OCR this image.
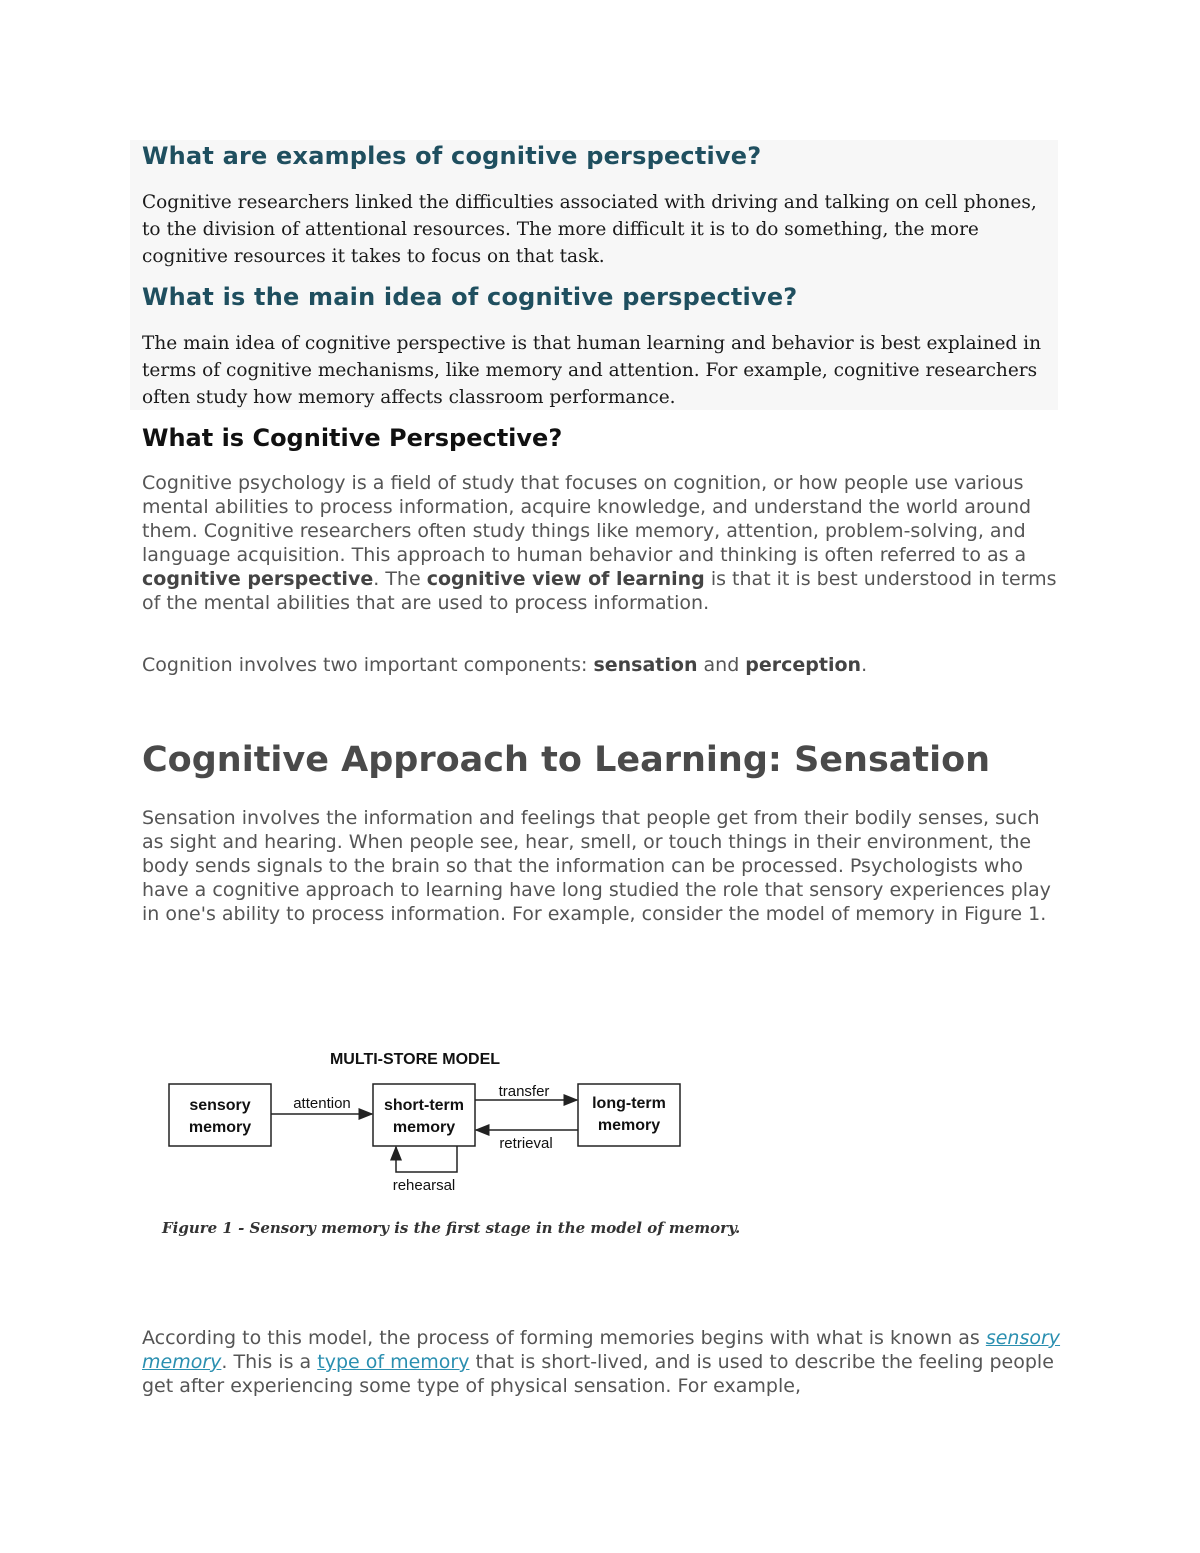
What are examples of cognitive perspective?

Cognitive researchers linked the difficulties associated with driving and talking on cell phones, to the division of attentional resources. The more difficult it is to do something, the more cognitive resources it takes to focus on that task.

What is the main idea of cognitive perspective?

The main idea of cognitive perspective is that human learning and behavior is best explained in terms of cognitive mechanisms, like memory and attention. For example, cognitive researchers often study how memory affects classroom performance.

What is Cognitive Perspective?

Cognitive psychology is a field of study that focuses on cognition, or how people use various mental abilities to process information, acquire knowledge, and understand the world around them. Cognitive researchers often study things like memory, attention, problem-solving, and language acquisition. This approach to human behavior and thinking is often referred to as a cognitive perspective. The cognitive view of learning is that it is best understood in terms of the mental abilities that are used to process information.

Cognition involves two important components: sensation and perception.

Cognitive Approach to Learning: Sensation

Sensation involves the information and feelings that people get from their bodily senses, such as sight and hearing. When people see, hear, smell, or touch things in their environment, the body sends signals to the brain so that the information can be processed. Psychologists who have a cognitive approach to learning have long studied the role that sensory experiences play in one's ability to process information. For example, consider the model of memory in Figure 1.

MULTI-STORE MODEL
sensory
memory
short-term
memory
long-term
memory
attention
transfer
retrieval
rehearsal

Figure 1 - Sensory memory is the first stage in the model of memory.

According to this model, the process of forming memories begins with what is known as sensory memory. This is a type of memory that is short-lived, and is used to describe the feeling people get after experiencing some type of physical sensation. For example,
